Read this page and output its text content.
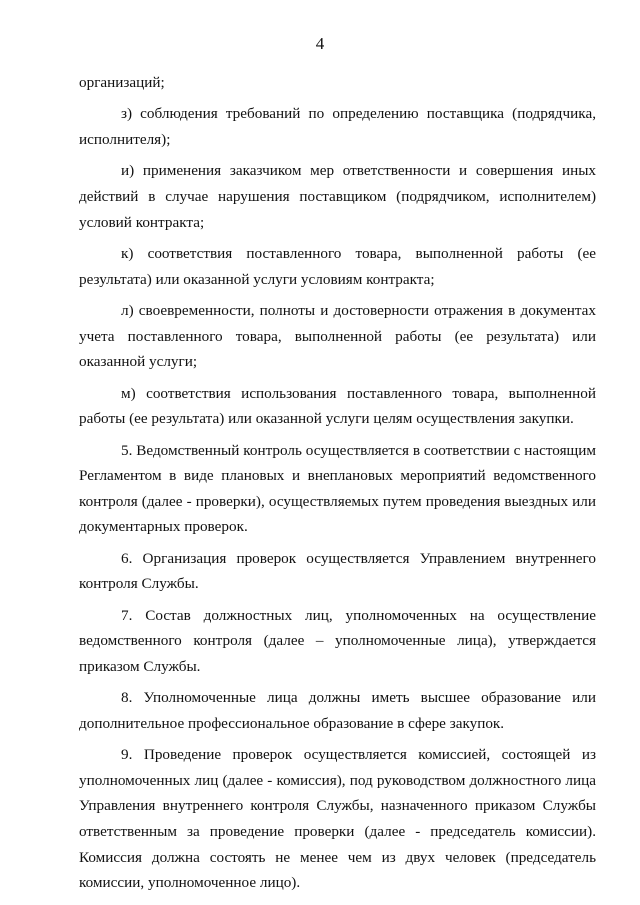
4

организаций;

з) соблюдения требований по определению поставщика (подрядчика, исполнителя);

и) применения заказчиком мер ответственности и совершения иных действий в случае нарушения поставщиком (подрядчиком, исполнителем) условий контракта;

к) соответствия поставленного товара, выполненной работы (ее результата) или оказанной услуги условиям контракта;

л) своевременности, полноты и достоверности отражения в документах учета поставленного товара, выполненной работы (ее результата) или оказанной услуги;

м) соответствия использования поставленного товара, выполненной работы (ее результата) или оказанной услуги целям осуществления закупки.

5. Ведомственный контроль осуществляется в соответствии с настоящим Регламентом в виде плановых и внеплановых мероприятий ведомственного контроля (далее - проверки), осуществляемых путем проведения выездных или документарных проверок.

6. Организация проверок осуществляется Управлением внутреннего контроля Службы.

7. Состав должностных лиц, уполномоченных на осуществление ведомственного контроля (далее – уполномоченные лица), утверждается приказом Службы.

8. Уполномоченные лица должны иметь высшее образование или дополнительное профессиональное образование в сфере закупок.

9. Проведение проверок осуществляется комиссией, состоящей из уполномоченных лиц (далее - комиссия), под руководством должностного лица Управления внутреннего контроля Службы, назначенного приказом Службы ответственным за проведение проверки (далее - председатель комиссии). Комиссия должна состоять не менее чем из двух человек (председатель комиссии, уполномоченное лицо).
